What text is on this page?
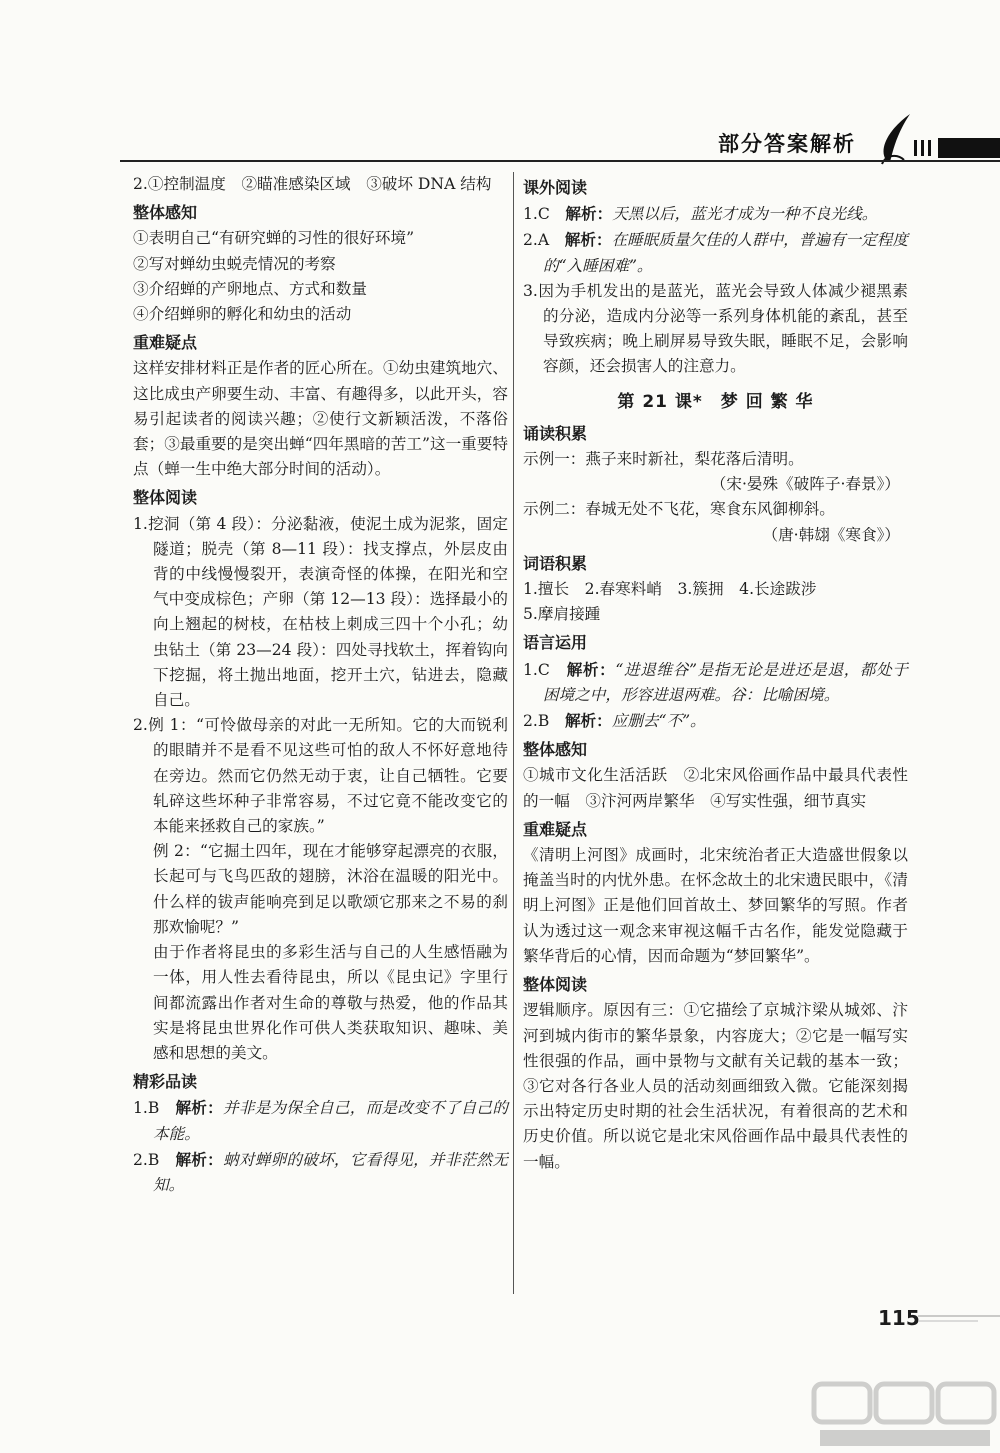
部分答案解析
2.①控制温度　②瞄准感染区域　③破坏 DNA 结构
整体感知
①表明自己“有研究蝉的习性的很好环境”
②写对蝉幼虫蜕壳情况的考察
③介绍蝉的产卵地点、方式和数量
④介绍蝉卵的孵化和幼虫的活动
重难疑点
这样安排材料正是作者的匠心所在。①幼虫建筑地穴、这比成虫产卵要生动、丰富、有趣得多，以此开头，容易引起读者的阅读兴趣；②使行文新颖活泼，不落俗套；③最重要的是突出蝉“四年黑暗的苦工”这一重要特点（蝉一生中绝大部分时间的活动）。
整体阅读
1.挖洞（第 4 段）：分泌黏液，使泥土成为泥浆，固定隧道；脱壳（第 8—11 段）：找支撑点，外层皮由背的中线慢慢裂开，表演奇怪的体操，在阳光和空气中变成棕色；产卵（第 12—13 段）：选择最小的向上翘起的树枝，在枯枝上刺成三四十个小孔；幼虫钻土（第 23—24 段）：四处寻找软土，挥着钩向下挖掘，将土抛出地面，挖开土穴，钻进去，隐藏自己。
2.例 1：“可怜做母亲的对此一无所知。它的大而锐利的眼睛并不是看不见这些可怕的敌人不怀好意地待在旁边。然而它仍然无动于衷，让自己牺牲。它要轧碎这些坏种子非常容易，不过它竟不能改变它的本能来拯救自己的家族。”
例 2：“它掘土四年，现在才能够穿起漂亮的衣服，长起可与飞鸟匹敌的翅膀，沐浴在温暖的阳光中。什么样的钹声能响亮到足以歌颂它那来之不易的刹那欢愉呢？”
由于作者将昆虫的多彩生活与自己的人生感悟融为一体，用人性去看待昆虫，所以《昆虫记》字里行间都流露出作者对生命的尊敬与热爱，他的作品其实是将昆虫世界化作可供人类获取知识、趣味、美感和思想的美文。
精彩品读
1.B　解析：并非是为保全自己，而是改变不了自己的本能。
2.B　解析：蚋对蝉卵的破坏，它看得见，并非茫然无知。
课外阅读
1.C　解析：天黑以后，蓝光才成为一种不良光线。
2.A　解析：在睡眠质量欠佳的人群中，普遍有一定程度的“入睡困难”。
3.因为手机发出的是蓝光，蓝光会导致人体减少褪黑素的分泌，造成内分泌等一系列身体机能的紊乱，甚至导致疾病；晚上刷屏易导致失眠，睡眠不足，会影响容颜，还会损害人的注意力。
第 21 课*　梦 回 繁 华
诵读积累
示例一：燕子来时新社，梨花落后清明。
（宋·晏殊《破阵子·春景》）
示例二：春城无处不飞花，寒食东风御柳斜。
（唐·韩翃《寒食》）
词语积累
1.擅长　2.春寒料峭　3.簇拥　4.长途跋涉
5.摩肩接踵
语言运用
1.C　解析：“进退维谷”是指无论是进还是退，都处于困境之中，形容进退两难。谷：比喻困境。
2.B　解析：应删去“不”。
整体感知
①城市文化生活活跃　②北宋风俗画作品中最具代表性的一幅　③汴河两岸繁华　④写实性强，细节真实
重难疑点
《清明上河图》成画时，北宋统治者正大造盛世假象以掩盖当时的内忧外患。在怀念故土的北宋遗民眼中，《清明上河图》正是他们回首故土、梦回繁华的写照。作者认为透过这一观念来审视这幅千古名作，能发觉隐藏于繁华背后的心情，因而命题为“梦回繁华”。
整体阅读
逻辑顺序。原因有三：①它描绘了京城汴梁从城郊、汴河到城内街市的繁华景象，内容庞大；②它是一幅写实性很强的作品，画中景物与文献有关记载的基本一致；③它对各行各业人员的活动刻画细致入微。它能深刻揭示出特定历史时期的社会生活状况，有着很高的艺术和历史价值。所以说它是北宋风俗画作品中最具代表性的一幅。
115
